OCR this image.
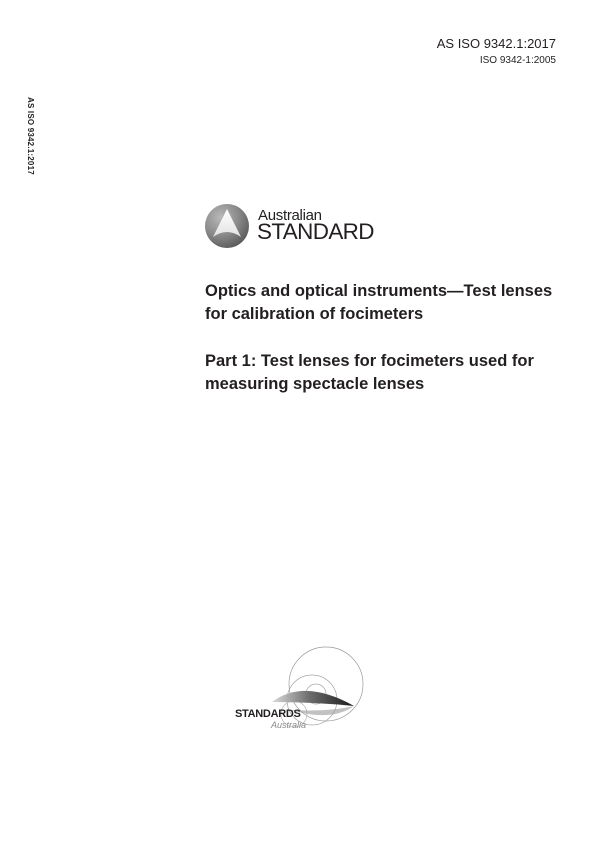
AS ISO 9342.1:2017
ISO 9342-1:2005
AS ISO 9342.1:2017
Australian
STANDARD
Optics and optical instruments—Test lenses for calibration of focimeters
Part 1: Test lenses for focimeters used for measuring spectacle lenses
STANDARDS
Australia
